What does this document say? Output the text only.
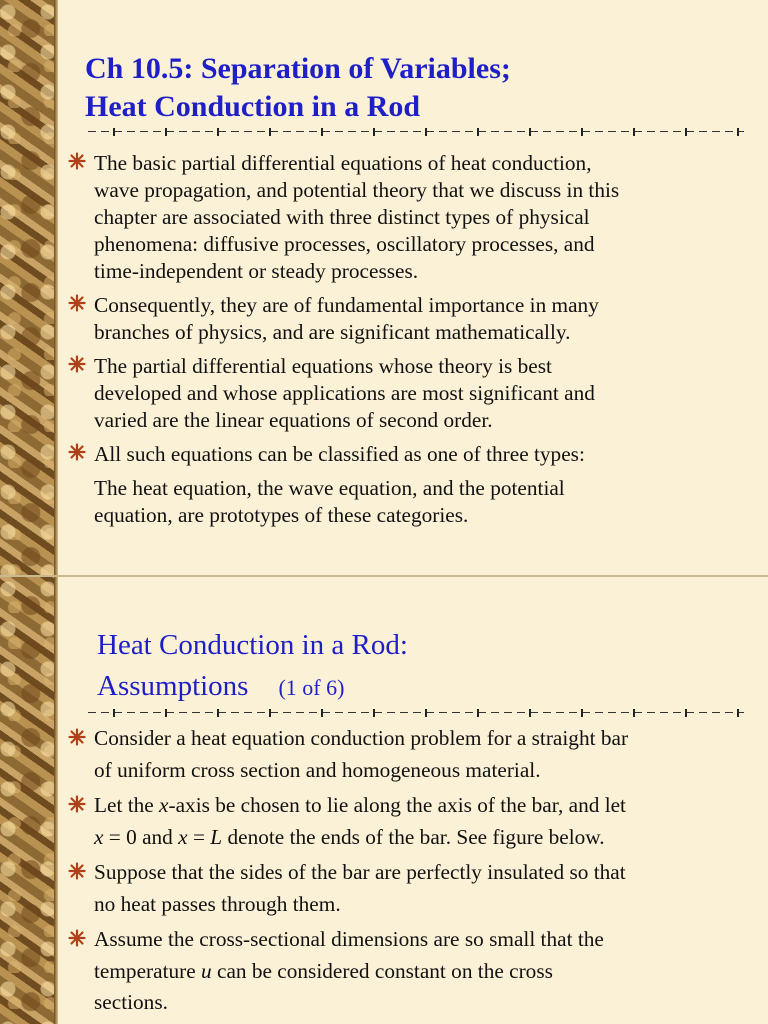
Ch 10.5: Separation of Variables;
Heat Conduction in a Rod
The basic partial differential equations of heat conduction,
wave propagation, and potential theory that we discuss in this
chapter are associated with three distinct types of physical
phenomena: diffusive processes, oscillatory processes, and
time-independent or steady processes.
Consequently, they are of fundamental importance in many
branches of physics, and are significant mathematically.
The partial differential equations whose theory is best
developed and whose applications are most significant and
varied are the linear equations of second order.
All such equations can be classified as one of three types:
The heat equation, the wave equation, and the potential
equation, are prototypes of these categories.
Heat Conduction in a Rod:
Assumptions (1 of 6)
Consider a heat equation conduction problem for a straight bar
of uniform cross section and homogeneous material.
Let the x-axis be chosen to lie along the axis of the bar, and let
x = 0 and x = L denote the ends of the bar. See figure below.
Suppose that the sides of the bar are perfectly insulated so that
no heat passes through them.
Assume the cross-sectional dimensions are so small that the
temperature u can be considered constant on the cross
sections.
